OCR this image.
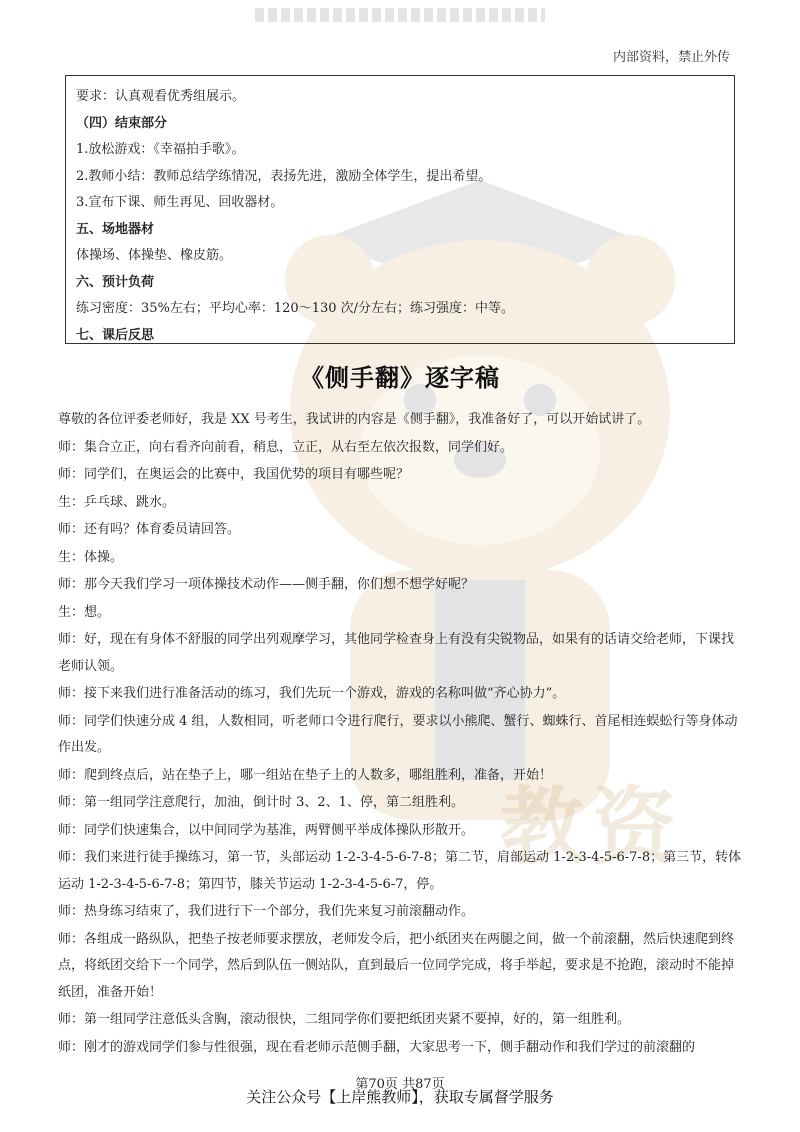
内部资料，禁止外传
教资
要求：认真观看优秀组展示。
（四）结束部分
1.放松游戏：《幸福拍手歌》。
2.教师小结：教师总结学练情况，表扬先进，激励全体学生，提出希望。
3.宣布下课、师生再见、回收器材。
五、场地器材
体操场、体操垫、橡皮筋。
六、预计负荷
练习密度：35%左右；平均心率：120～130 次/分左右；练习强度：中等。
七、课后反思
《侧手翻》逐字稿

尊敬的各位评委老师好，我是 XX 号考生，我试讲的内容是《侧手翻》，我准备好了，可以开始试讲了。

师：集合立正，向右看齐向前看，稍息，立正，从右至左依次报数，同学们好。

师：同学们，在奥运会的比赛中，我国优势的项目有哪些呢？

生：乒乓球、跳水。

师：还有吗？体育委员请回答。

生：体操。

师：那今天我们学习一项体操技术动作——侧手翻，你们想不想学好呢？

生：想。

师：好，现在有身体不舒服的同学出列观摩学习，其他同学检查身上有没有尖锐物品，如果有的话请交给老师，下课找老师认领。

师：接下来我们进行准备活动的练习，我们先玩一个游戏，游戏的名称叫做“齐心协力”。

师：同学们快速分成 4 组，人数相同，听老师口令进行爬行，要求以小熊爬、蟹行、蜘蛛行、首尾相连蜈蚣行等身体动作出发。

师：爬到终点后，站在垫子上，哪一组站在垫子上的人数多，哪组胜利，准备，开始！

师：第一组同学注意爬行，加油，倒计时 3、2、1、停，第二组胜利。

师：同学们快速集合，以中间同学为基准，两臂侧平举成体操队形散开。

师：我们来进行徒手操练习，第一节，头部运动 1-2-3-4-5-6-7-8；第二节，肩部运动 1-2-3-4-5-6-7-8；第三节，转体运动 1-2-3-4-5-6-7-8；第四节，膝关节运动 1-2-3-4-5-6-7，停。

师：热身练习结束了，我们进行下一个部分，我们先来复习前滚翻动作。

师：各组成一路纵队，把垫子按老师要求摆放，老师发令后，把小纸团夹在两腿之间，做一个前滚翻，然后快速爬到终点，将纸团交给下一个同学，然后到队伍一侧站队，直到最后一位同学完成，将手举起，要求是不抢跑，滚动时不能掉纸团，准备开始！

师：第一组同学注意低头含胸，滚动很快，二组同学你们要把纸团夹紧不要掉，好的，第一组胜利。

师：刚才的游戏同学们参与性很强，现在看老师示范侧手翻，大家思考一下，侧手翻动作和我们学过的前滚翻的

第70页 共87页
关注公众号【上岸熊教师】，获取专属督学服务
